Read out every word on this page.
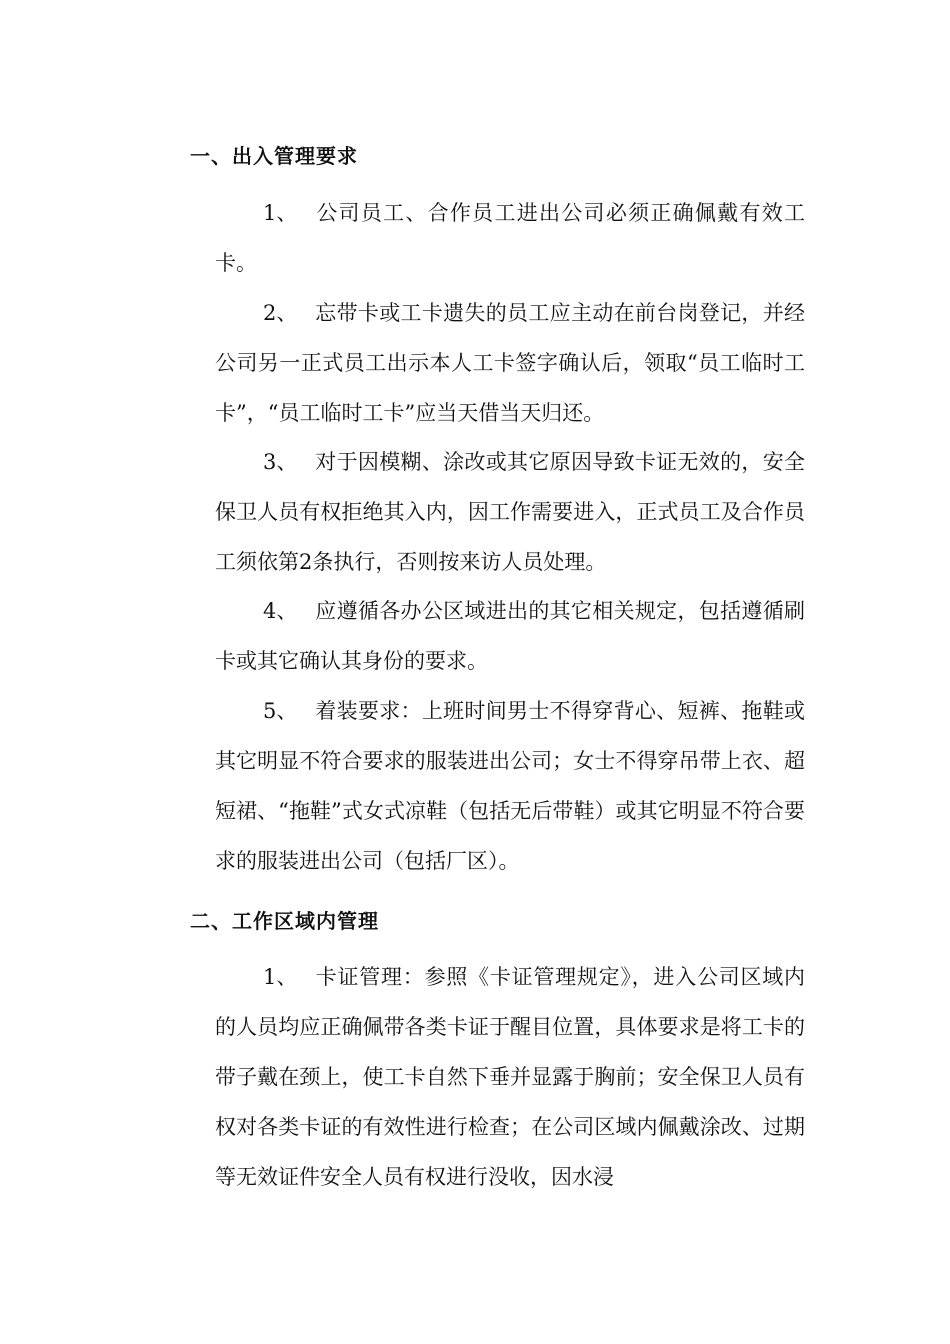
一、出入管理要求
1、 公司员工、合作员工进出公司必须正确佩戴有效工卡。
2、 忘带卡或工卡遗失的员工应主动在前台岗登记，并经公司另一正式员工出示本人工卡签字确认后，领取“员工临时工卡”，“员工临时工卡”应当天借当天归还。
3、 对于因模糊、涂改或其它原因导致卡证无效的，安全保卫人员有权拒绝其入内，因工作需要进入，正式员工及合作员工须依第2条执行，否则按来访人员处理。
4、 应遵循各办公区域进出的其它相关规定，包括遵循刷卡或其它确认其身份的要求。
5、 着装要求：上班时间男士不得穿背心、短裤、拖鞋或其它明显不符合要求的服装进出公司；女士不得穿吊带上衣、超短裙、“拖鞋”式女式凉鞋（包括无后带鞋）或其它明显不符合要求的服装进出公司（包括厂区）。
二、工作区域内管理
1、 卡证管理：参照《卡证管理规定》，进入公司区域内的人员均应正确佩带各类卡证于醒目位置，具体要求是将工卡的带子戴在颈上，使工卡自然下垂并显露于胸前；安全保卫人员有权对各类卡证的有效性进行检查；在公司区域内佩戴涂改、过期等无效证件安全人员有权进行没收，因水浸
